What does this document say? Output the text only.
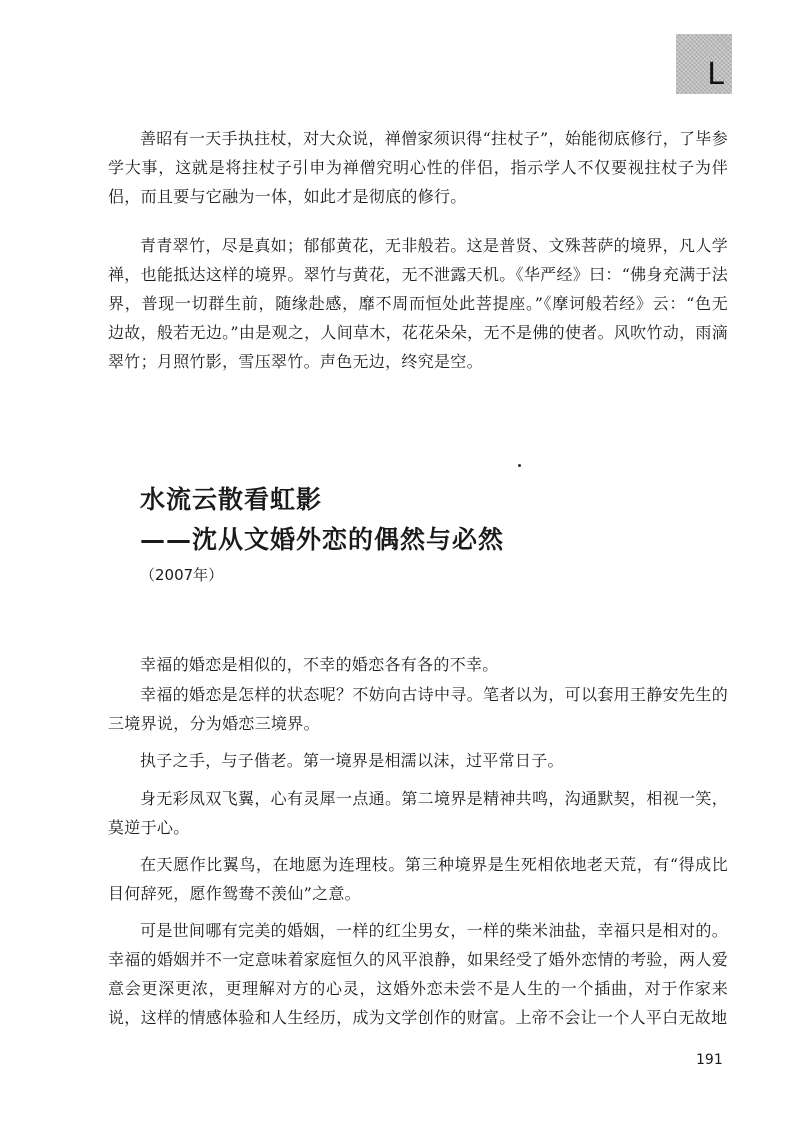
L

善昭有一天手执拄杖，对大众说，禅僧家须识得“拄杖子”，始能彻底修行，了毕参学大事，这就是将拄杖子引申为禅僧究明心性的伴侣，指示学人不仅要视拄杖子为伴侣，而且要与它融为一体，如此才是彻底的修行。

青青翠竹，尽是真如；郁郁黄花，无非般若。这是普贤、文殊菩萨的境界，凡人学禅，也能抵达这样的境界。翠竹与黄花，无不泄露天机。《华严经》曰：“佛身充满于法界，普现一切群生前，随缘赴感，靡不周而恒处此菩提座。”《摩诃般若经》云：“色无边故，般若无边。”由是观之，人间草木，花花朵朵，无不是佛的使者。风吹竹动，雨滴翠竹；月照竹影，雪压翠竹。声色无边，终究是空。

水流云散看虹影
——沈从文婚外恋的偶然与必然

（2007年）

幸福的婚恋是相似的，不幸的婚恋各有各的不幸。

幸福的婚恋是怎样的状态呢？不妨向古诗中寻。笔者以为，可以套用王静安先生的三境界说，分为婚恋三境界。

执子之手，与子偕老。第一境界是相濡以沫，过平常日子。

身无彩凤双飞翼，心有灵犀一点通。第二境界是精神共鸣，沟通默契，相视一笑，莫逆于心。

在天愿作比翼鸟，在地愿为连理枝。第三种境界是生死相依地老天荒，有“得成比目何辞死，愿作鸳鸯不羡仙”之意。

可是世间哪有完美的婚姻，一样的红尘男女，一样的柴米油盐，幸福只是相对的。幸福的婚姻并不一定意味着家庭恒久的风平浪静，如果经受了婚外恋情的考验，两人爱意会更深更浓，更理解对方的心灵，这婚外恋未尝不是人生的一个插曲，对于作家来说，这样的情感体验和人生经历，成为文学创作的财富。上帝不会让一个人平白无故地

191
